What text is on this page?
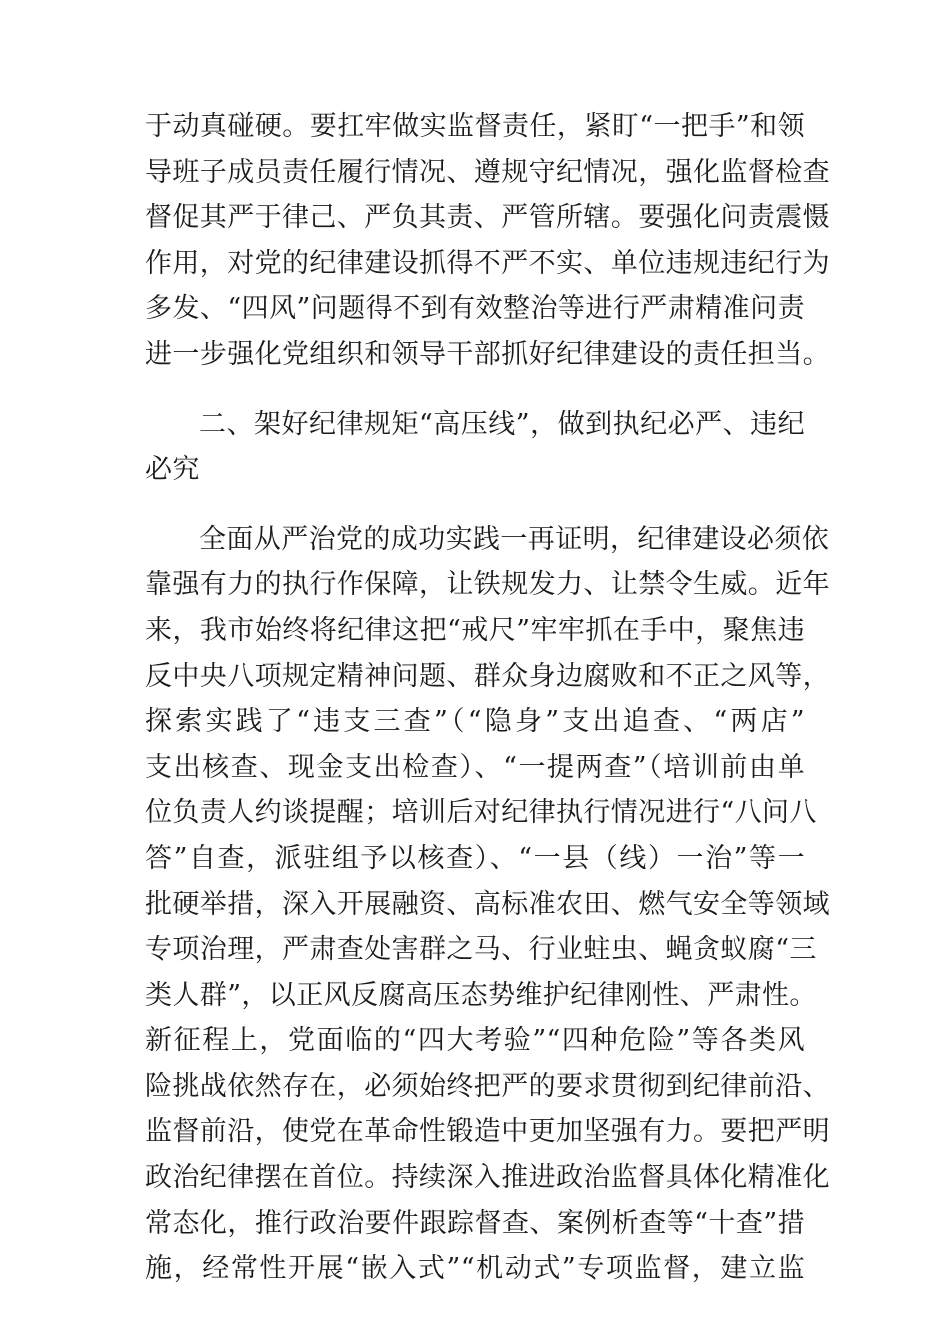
于动真碰硬。要扛牢做实监督责任，紧盯“一把手”和领
导班子成员责任履行情况、遵规守纪情况，强化监督检查
督促其严于律己、严负其责、严管所辖。要强化问责震慑
作用，对党的纪律建设抓得不严不实、单位违规违纪行为
多发、“四风”问题得不到有效整治等进行严肃精准问责
进一步强化党组织和领导干部抓好纪律建设的责任担当。
二、架好纪律规矩“高压线”，做到执纪必严、违纪
必究
全面从严治党的成功实践一再证明，纪律建设必须依
靠强有力的执行作保障，让铁规发力、让禁令生威。近年
来，我市始终将纪律这把“戒尺”牢牢抓在手中，聚焦违
反中央八项规定精神问题、群众身边腐败和不正之风等，
探索实践了“违支三查”（“隐身”支出追查、“两店”
支出核查、现金支出检查）、“一提两查”（培训前由单
位负责人约谈提醒；培训后对纪律执行情况进行“八问八
答”自查，派驻组予以核查）、“一县（线）一治”等一
批硬举措，深入开展融资、高标准农田、燃气安全等领域
专项治理，严肃查处害群之马、行业蛀虫、蝇贪蚁腐“三
类人群”，以正风反腐高压态势维护纪律刚性、严肃性。
新征程上，党面临的“四大考验”“四种危险”等各类风
险挑战依然存在，必须始终把严的要求贯彻到纪律前沿、
监督前沿，使党在革命性锻造中更加坚强有力。要把严明
政治纪律摆在首位。持续深入推进政治监督具体化精准化
常态化，推行政治要件跟踪督查、案例析查等“十查”措
施，经常性开展“嵌入式”“机动式”专项监督，建立监
